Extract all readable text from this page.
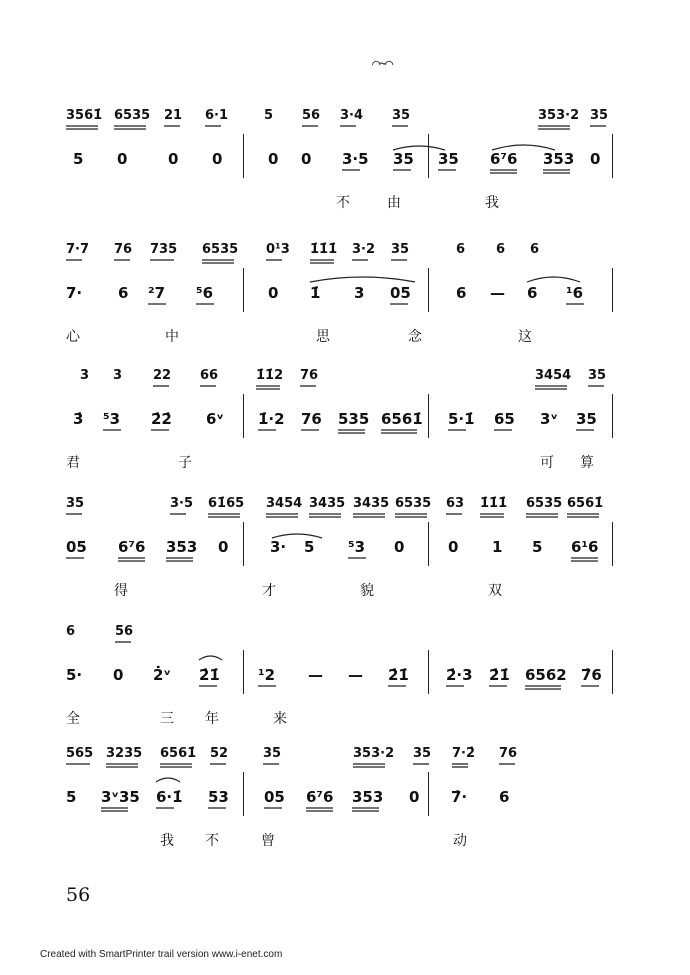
⌒~⌒
3561̇ 6535 21 6·1	5 56 3·4 35	353·2 35
5 0	0 0	0 0 3·5 35 35 6⁷6 353 0
不	由	我
7·7 76 735 6535 0¹3 1̇1̇1̇ 3·2 35	6 6 6
7· 6 ²7 ⁵6	0 1̇ 3 05	6 — 6 ¹6
心	中	思	念	这
3 3 22 66	1̇1̇2 76	3454 35
3̇ ⁵3 2̇2̇ 6ᵛ 1̇·2 76 535 6561̇ 5·1̇ 65 3ᵛ 35
君	子	可 算
35	3·5 61̇65 3454 3435 3435 6535 63 1̇1̇1̇ 6535 6561̇
05 6⁷6 353 0	3· 5 ⁵3 0	0 1 5 6¹6
得	才	貌	双
6	56
5· 0 2̇ᵛ 2̇1̇	¹2 — — 2̇1̇ 2̇·3 2̇1̇ 6562 7̇6
全	三 年	来
565 3235 6561̇ 52	35	353·2 35 7·2̇ 76
5 3ᵛ35 6·1̇ 53 05 6⁷6 353 0 7̇· 6
我 不	曾	动
56
Created with SmartPrinter trail version www.i-enet.com
